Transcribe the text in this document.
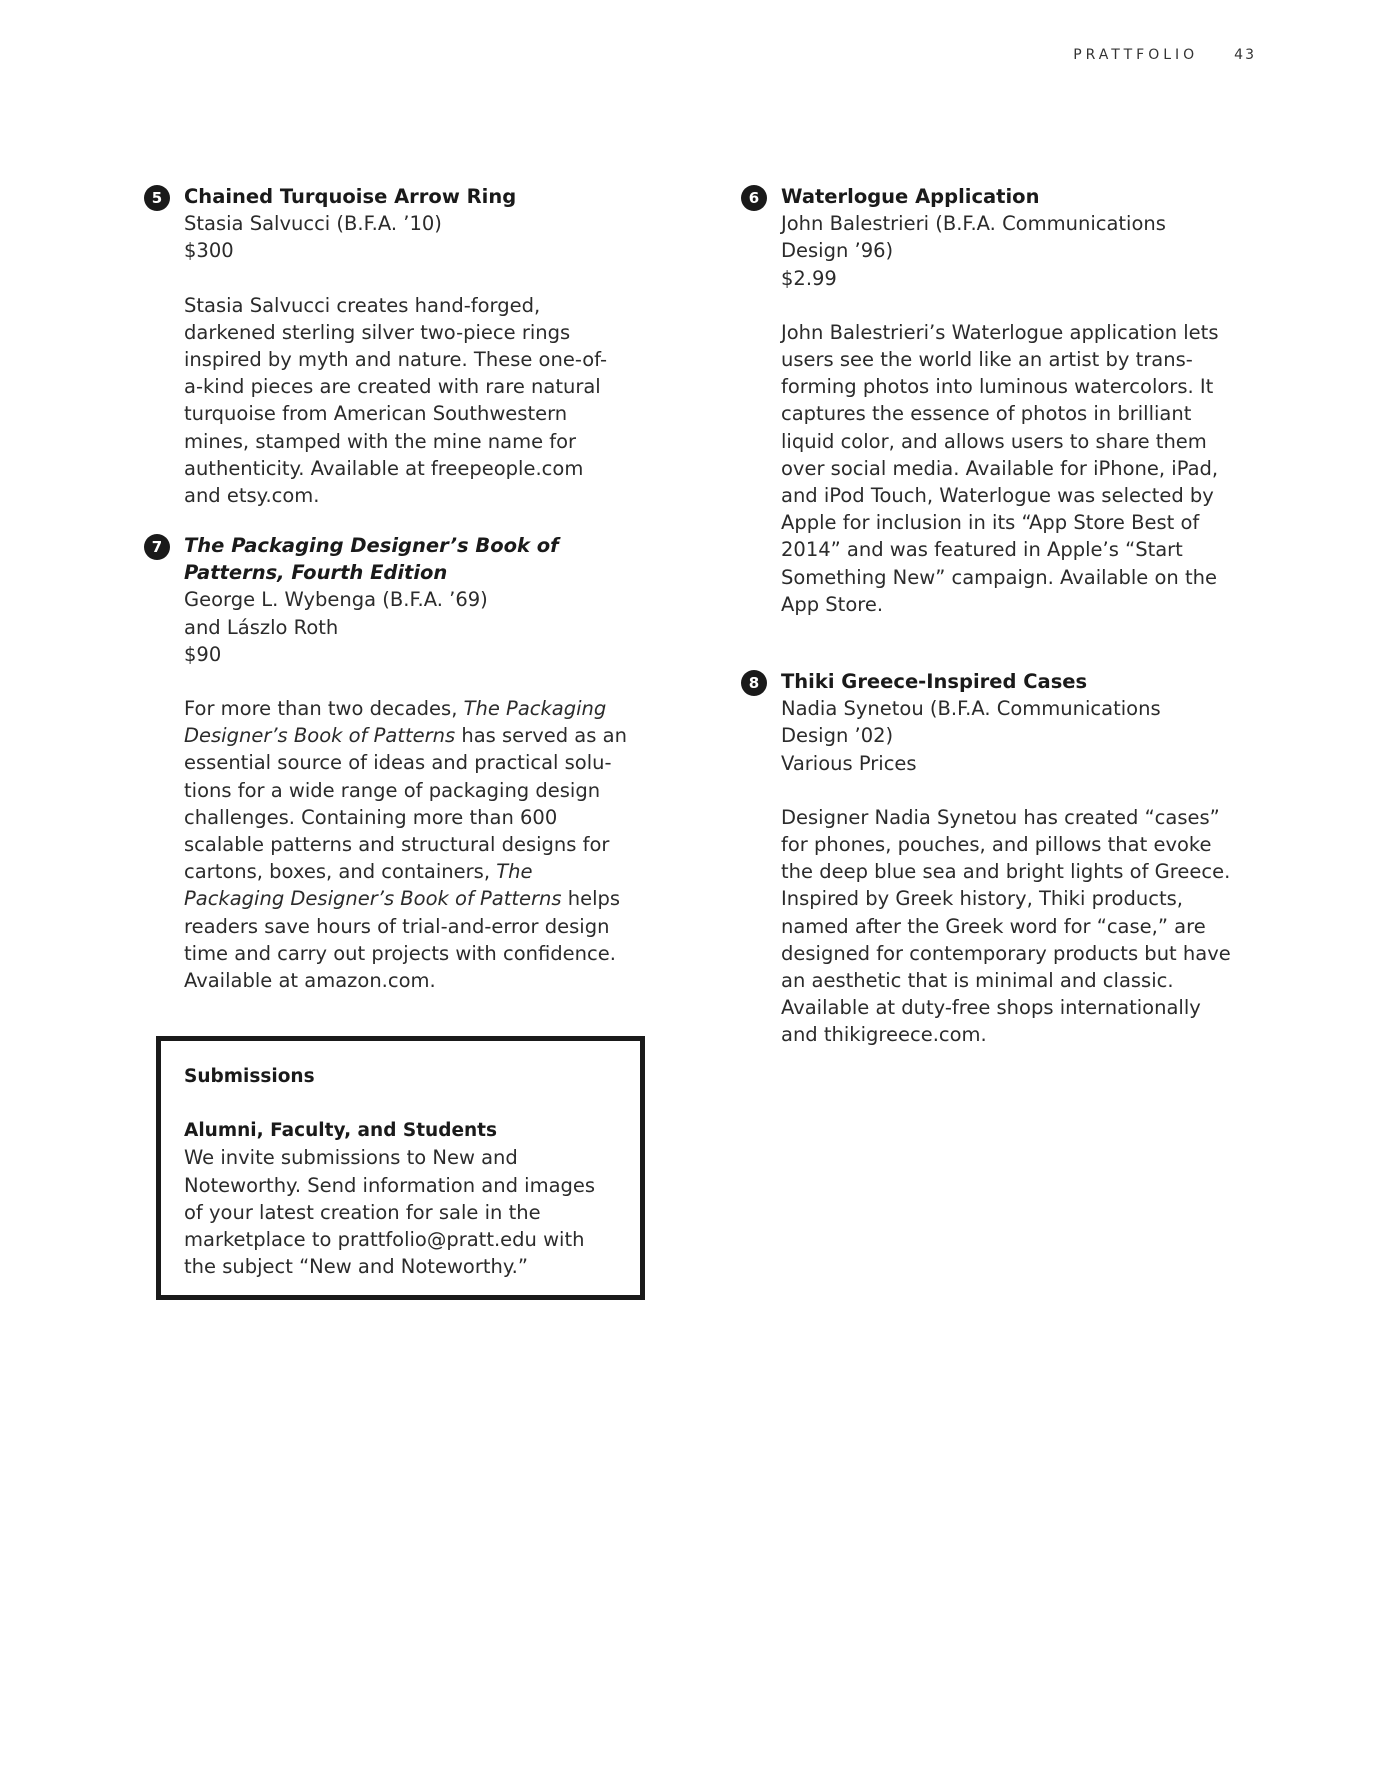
PRATTFOLIO	43
5	Chained Turquoise Arrow Ring
Stasia Salvucci (B.F.A. ’10)
$300
Stasia Salvucci creates hand-forged, darkened sterling silver two-piece rings inspired by myth and nature. These one-of-a-kind pieces are created with rare natural turquoise from American Southwestern mines, stamped with the mine name for authenticity. Available at freepeople.com and etsy.com.
7	The Packaging Designer’s Book of Patterns, Fourth Edition
George L. Wybenga (B.F.A. ’69)
and Lászlo Roth
$90
For more than two decades, The Packaging Designer’s Book of Patterns has served as an essential source of ideas and practical solu-tions for a wide range of packaging design challenges. Containing more than 600 scalable patterns and structural designs for cartons, boxes, and containers, The Packaging Designer’s Book of Patterns helps readers save hours of trial-and-error design time and carry out projects with confidence. Available at amazon.com.
6	Waterlogue Application
John Balestrieri (B.F.A. Communications Design ’96)
$2.99
John Balestrieri’s Waterlogue application lets users see the world like an artist by trans-forming photos into luminous watercolors. It captures the essence of photos in brilliant liquid color, and allows users to share them over social media. Available for iPhone, iPad, and iPod Touch, Waterlogue was selected by Apple for inclusion in its “App Store Best of 2014” and was featured in Apple’s “Start Something New” campaign. Available on the App Store.
8	Thiki Greece-Inspired Cases
Nadia Synetou (B.F.A. Communications Design ’02)
Various Prices
Designer Nadia Synetou has created “cases” for phones, pouches, and pillows that evoke the deep blue sea and bright lights of Greece. Inspired by Greek history, Thiki products, named after the Greek word for “case,” are designed for contemporary products but have an aesthetic that is minimal and classic. Available at duty-free shops internationally and thikigreece.com.
Submissions
Alumni, Faculty, and Students
We invite submissions to New and Noteworthy. Send information and images of your latest creation for sale in the marketplace to prattfolio@pratt.edu with the subject “New and Noteworthy.”
